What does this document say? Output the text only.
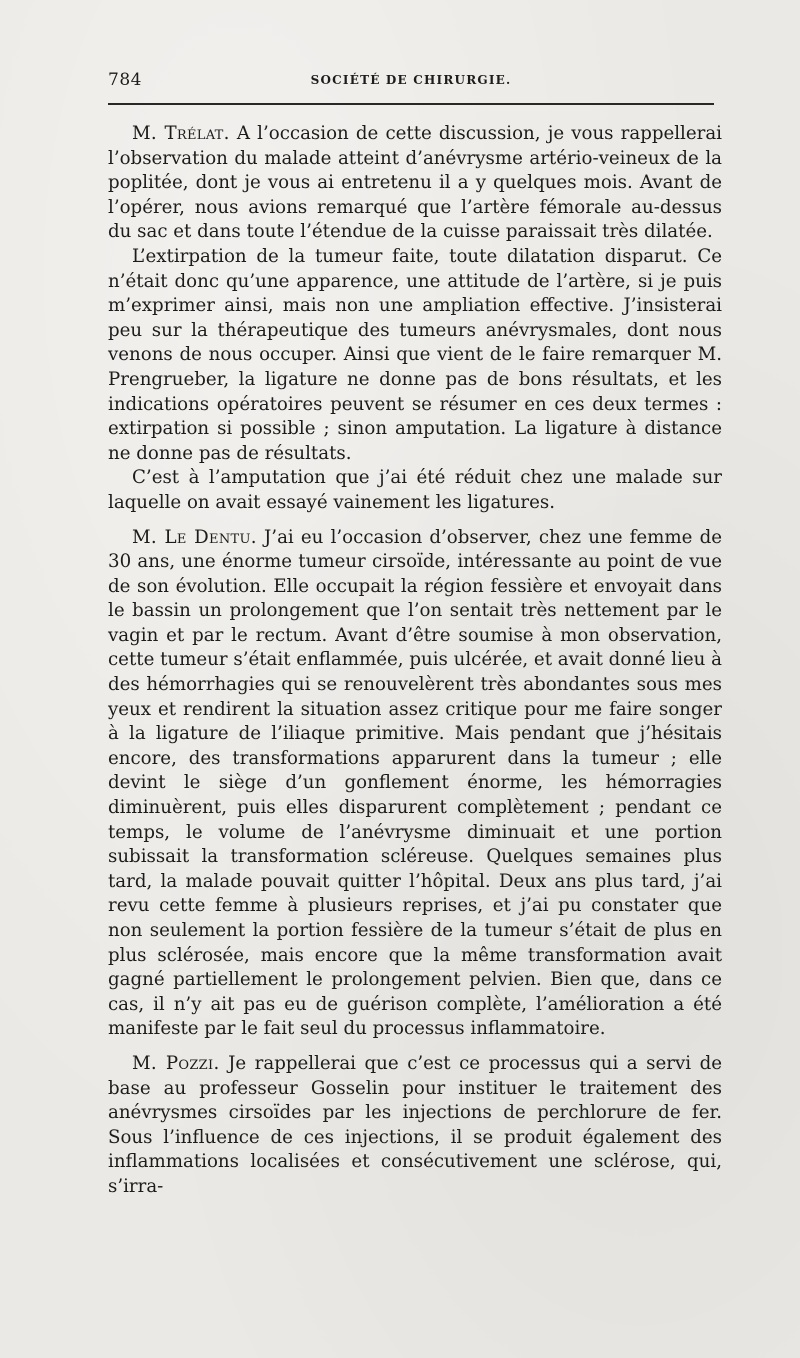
784	SOCIÉTÉ DE CHIRURGIE.

M. Trélat. A l’occasion de cette discussion, je vous rappellerai l’observation du malade atteint d’anévrysme artério-veineux de la poplitée, dont je vous ai entretenu il a y quelques mois. Avant de l’opérer, nous avions remarqué que l’artère fémorale au-dessus du sac et dans toute l’étendue de la cuisse paraissait très dilatée.

L’extirpation de la tumeur faite, toute dilatation disparut. Ce n’était donc qu’une apparence, une attitude de l’artère, si je puis m’exprimer ainsi, mais non une ampliation effective. J’insisterai peu sur la thérapeutique des tumeurs anévrysmales, dont nous venons de nous occuper. Ainsi que vient de le faire remarquer M. Prengrueber, la ligature ne donne pas de bons résultats, et les indications opératoires peuvent se résumer en ces deux termes : extirpation si possible ; sinon amputation. La ligature à distance ne donne pas de résultats.

C’est à l’amputation que j’ai été réduit chez une malade sur laquelle on avait essayé vainement les ligatures.

M. Le Dentu. J’ai eu l’occasion d’observer, chez une femme de 30 ans, une énorme tumeur cirsoïde, intéressante au point de vue de son évolution. Elle occupait la région fessière et envoyait dans le bassin un prolongement que l’on sentait très nettement par le vagin et par le rectum. Avant d’être soumise à mon observation, cette tumeur s’était enflammée, puis ulcérée, et avait donné lieu à des hémorrhagies qui se renouvelèrent très abondantes sous mes yeux et rendirent la situation assez critique pour me faire songer à la ligature de l’iliaque primitive. Mais pendant que j’hésitais encore, des transformations apparurent dans la tumeur ; elle devint le siège d’un gonflement énorme, les hémorragies diminuèrent, puis elles disparurent complètement ; pendant ce temps, le volume de l’anévrysme diminuait et une portion subissait la transformation scléreuse. Quelques semaines plus tard, la malade pouvait quitter l’hôpital. Deux ans plus tard, j’ai revu cette femme à plusieurs reprises, et j’ai pu constater que non seulement la portion fessière de la tumeur s’était de plus en plus sclérosée, mais encore que la même transformation avait gagné partiellement le prolongement pelvien. Bien que, dans ce cas, il n’y ait pas eu de guérison complète, l’amélioration a été manifeste par le fait seul du processus inflammatoire.

M. Pozzi. Je rappellerai que c’est ce processus qui a servi de base au professeur Gosselin pour instituer le traitement des anévrysmes cirsoïdes par les injections de perchlorure de fer. Sous l’influence de ces injections, il se produit également des inflammations localisées et consécutivement une sclérose, qui, s’irra-
